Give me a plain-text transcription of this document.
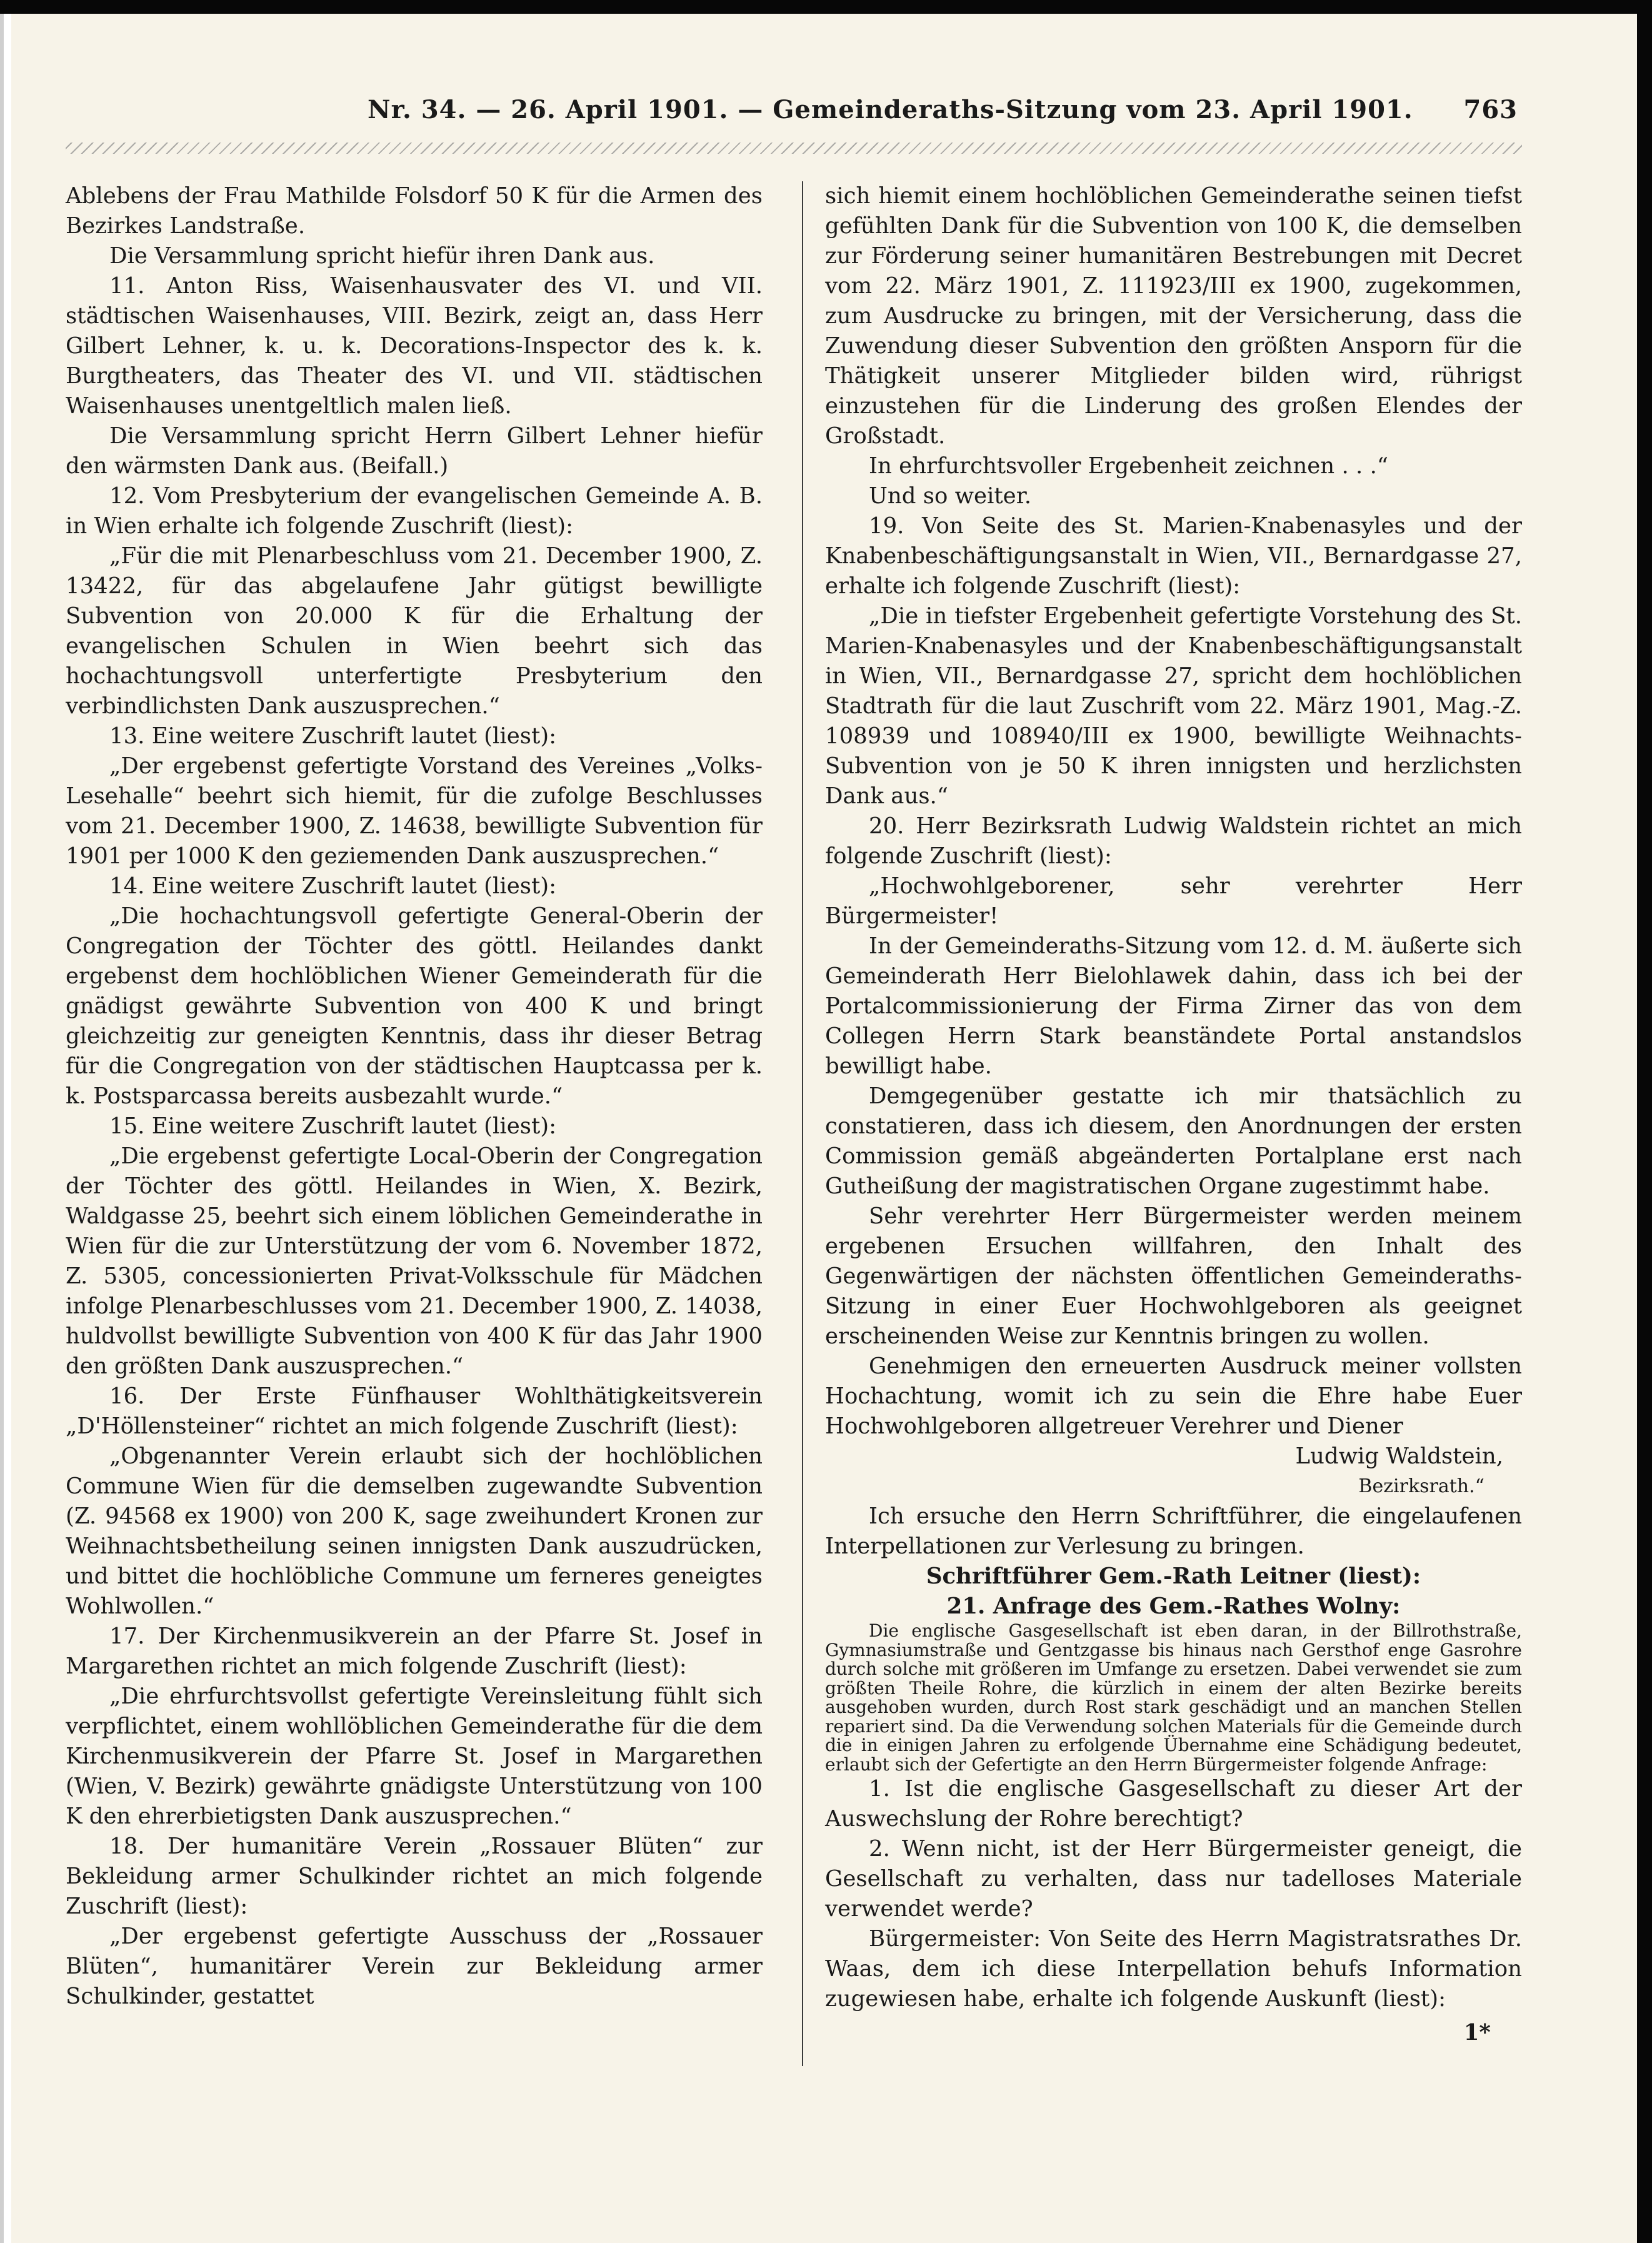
Nr. 34. — 26. April 1901. — Gemeinderaths-Sitzung vom 23. April 1901. 763

Ablebens der Frau Mathilde Folsdorf 50 K für die Armen des Bezirkes Landstraße.

Die Versammlung spricht hiefür ihren Dank aus.

11. Anton Riss, Waisenhausvater des VI. und VII. städtischen Waisenhauses, VIII. Bezirk, zeigt an, dass Herr Gilbert Lehner, k. u. k. Decorations-Inspector des k. k. Burgtheaters, das Theater des VI. und VII. städtischen Waisenhauses unentgeltlich malen ließ.

Die Versammlung spricht Herrn Gilbert Lehner hiefür den wärmsten Dank aus. (Beifall.)

12. Vom Presbyterium der evangelischen Gemeinde A. B. in Wien erhalte ich folgende Zuschrift (liest):

„Für die mit Plenarbeschluss vom 21. December 1900, Z. 13422, für das abgelaufene Jahr gütigst bewilligte Subvention von 20.000 K für die Erhaltung der evangelischen Schulen in Wien beehrt sich das hochachtungsvoll unterfertigte Presbyterium den verbindlichsten Dank auszusprechen.“

13. Eine weitere Zuschrift lautet (liest):

„Der ergebenst gefertigte Vorstand des Vereines „Volks-Lesehalle“ beehrt sich hiemit, für die zufolge Beschlusses vom 21. December 1900, Z. 14638, bewilligte Subvention für 1901 per 1000 K den geziemenden Dank auszusprechen.“

14. Eine weitere Zuschrift lautet (liest):

„Die hochachtungsvoll gefertigte General-Oberin der Congregation der Töchter des göttl. Heilandes dankt ergebenst dem hochlöblichen Wiener Gemeinderath für die gnädigst gewährte Subvention von 400 K und bringt gleichzeitig zur geneigten Kenntnis, dass ihr dieser Betrag für die Congregation von der städtischen Hauptcassa per k. k. Postsparcassa bereits ausbezahlt wurde.“

15. Eine weitere Zuschrift lautet (liest):

„Die ergebenst gefertigte Local-Oberin der Congregation der Töchter des göttl. Heilandes in Wien, X. Bezirk, Waldgasse 25, beehrt sich einem löblichen Gemeinderathe in Wien für die zur Unterstützung der vom 6. November 1872, Z. 5305, concessionierten Privat-Volksschule für Mädchen infolge Plenarbeschlusses vom 21. December 1900, Z. 14038, huldvollst bewilligte Subvention von 400 K für das Jahr 1900 den größten Dank auszusprechen.“

16. Der Erste Fünfhauser Wohlthätigkeitsverein „D'Höllensteiner“ richtet an mich folgende Zuschrift (liest):

„Obgenannter Verein erlaubt sich der hochlöblichen Commune Wien für die demselben zugewandte Subvention (Z. 94568 ex 1900) von 200 K, sage zweihundert Kronen zur Weihnachtsbetheilung seinen innigsten Dank auszudrücken, und bittet die hochlöbliche Commune um ferneres geneigtes Wohlwollen.“

17. Der Kirchenmusikverein an der Pfarre St. Josef in Margarethen richtet an mich folgende Zuschrift (liest):

„Die ehrfurchtsvollst gefertigte Vereinsleitung fühlt sich verpflichtet, einem wohllöblichen Gemeinderathe für die dem Kirchenmusikverein der Pfarre St. Josef in Margarethen (Wien, V. Bezirk) gewährte gnädigste Unterstützung von 100 K den ehrerbietigsten Dank auszusprechen.“

18. Der humanitäre Verein „Rossauer Blüten“ zur Bekleidung armer Schulkinder richtet an mich folgende Zuschrift (liest):

„Der ergebenst gefertigte Ausschuss der „Rossauer Blüten“, humanitärer Verein zur Bekleidung armer Schulkinder, gestattet

sich hiemit einem hochlöblichen Gemeinderathe seinen tiefst gefühlten Dank für die Subvention von 100 K, die demselben zur Förderung seiner humanitären Bestrebungen mit Decret vom 22. März 1901, Z. 111923/III ex 1900, zugekommen, zum Ausdrucke zu bringen, mit der Versicherung, dass die Zuwendung dieser Subvention den größten Ansporn für die Thätigkeit unserer Mitglieder bilden wird, rührigst einzustehen für die Linderung des großen Elendes der Großstadt.

In ehrfurchtsvoller Ergebenheit zeichnen . . .“

Und so weiter.

19. Von Seite des St. Marien-Knabenasyles und der Knabenbeschäftigungsanstalt in Wien, VII., Bernardgasse 27, erhalte ich folgende Zuschrift (liest):

„Die in tiefster Ergebenheit gefertigte Vorstehung des St. Marien-Knabenasyles und der Knabenbeschäftigungsanstalt in Wien, VII., Bernardgasse 27, spricht dem hochlöblichen Stadtrath für die laut Zuschrift vom 22. März 1901, Mag.-Z. 108939 und 108940/III ex 1900, bewilligte Weihnachts-Subvention von je 50 K ihren innigsten und herzlichsten Dank aus.“

20. Herr Bezirksrath Ludwig Waldstein richtet an mich folgende Zuschrift (liest):

„Hochwohlgeborener, sehr verehrter Herr Bürgermeister!

In der Gemeinderaths-Sitzung vom 12. d. M. äußerte sich Gemeinderath Herr Bielohlawek dahin, dass ich bei der Portalcommissionierung der Firma Zirner das von dem Collegen Herrn Stark beanständete Portal anstandslos bewilligt habe.

Demgegenüber gestatte ich mir thatsächlich zu constatieren, dass ich diesem, den Anordnungen der ersten Commission gemäß abgeänderten Portalplane erst nach Gutheißung der magistratischen Organe zugestimmt habe.

Sehr verehrter Herr Bürgermeister werden meinem ergebenen Ersuchen willfahren, den Inhalt des Gegenwärtigen der nächsten öffentlichen Gemeinderaths-Sitzung in einer Euer Hochwohlgeboren als geeignet erscheinenden Weise zur Kenntnis bringen zu wollen.

Genehmigen den erneuerten Ausdruck meiner vollsten Hochachtung, womit ich zu sein die Ehre habe Euer Hochwohlgeboren allgetreuer Verehrer und Diener

Ludwig Waldstein,

Bezirksrath.“

Ich ersuche den Herrn Schriftführer, die eingelaufenen Interpellationen zur Verlesung zu bringen.

Schriftführer Gem.-Rath Leitner (liest):

21. Anfrage des Gem.-Rathes Wolny:

Die englische Gasgesellschaft ist eben daran, in der Billrothstraße, Gymnasiumstraße und Gentzgasse bis hinaus nach Gersthof enge Gasrohre durch solche mit größeren im Umfange zu ersetzen. Dabei verwendet sie zum größten Theile Rohre, die kürzlich in einem der alten Bezirke bereits ausgehoben wurden, durch Rost stark geschädigt und an manchen Stellen repariert sind. Da die Verwendung solchen Materials für die Gemeinde durch die in einigen Jahren zu erfolgende Übernahme eine Schädigung bedeutet, erlaubt sich der Gefertigte an den Herrn Bürgermeister folgende Anfrage:

1. Ist die englische Gasgesellschaft zu dieser Art der Auswechslung der Rohre berechtigt?

2. Wenn nicht, ist der Herr Bürgermeister geneigt, die Gesellschaft zu verhalten, dass nur tadelloses Materiale verwendet werde?

Bürgermeister: Von Seite des Herrn Magistratsrathes Dr. Waas, dem ich diese Interpellation behufs Information zugewiesen habe, erhalte ich folgende Auskunft (liest):

1*
